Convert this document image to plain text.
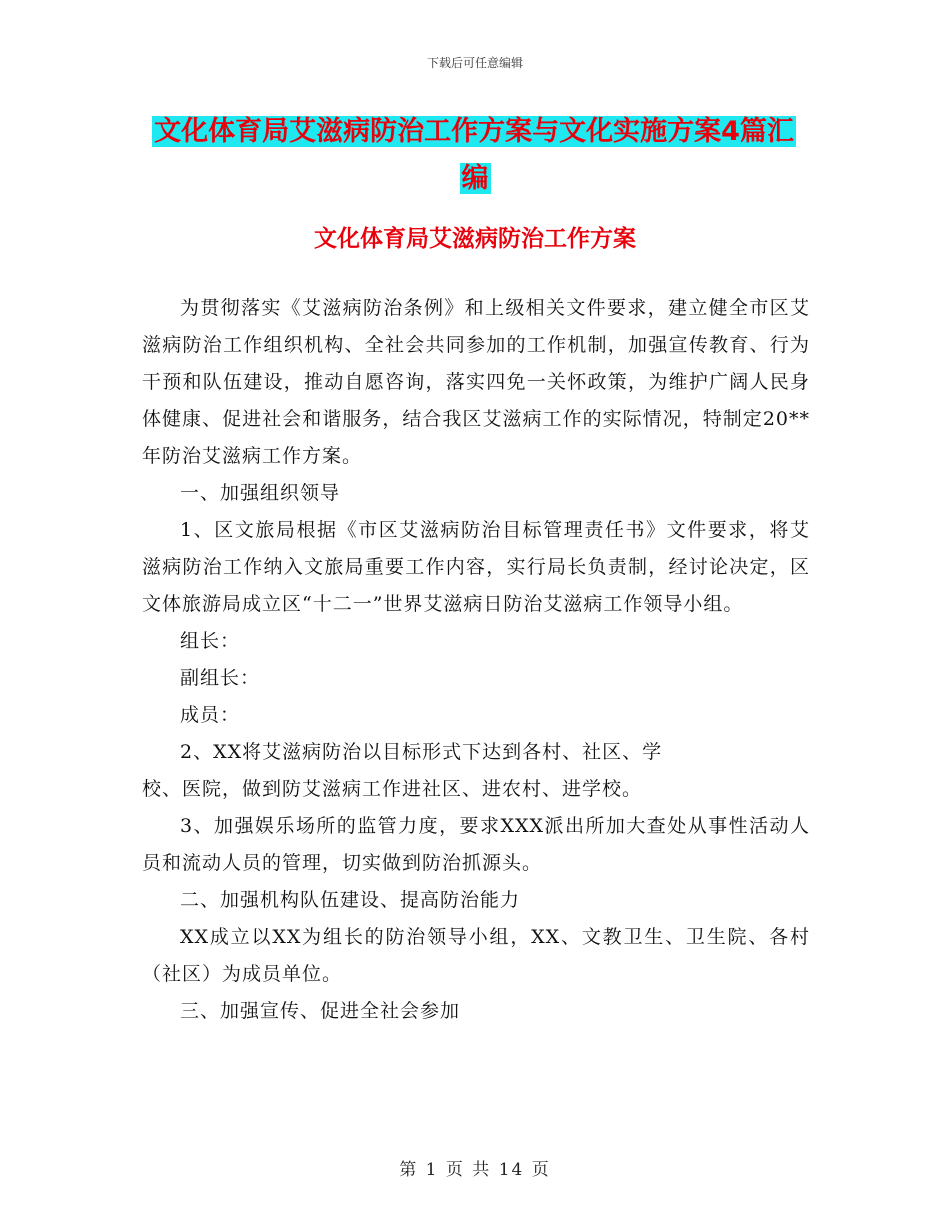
下载后可任意编辑
文化体育局艾滋病防治工作方案与文化实施方案4篇汇编
文化体育局艾滋病防治工作方案

为贯彻落实《艾滋病防治条例》和上级相关文件要求，建立健全市区艾滋病防治工作组织机构、全社会共同参加的工作机制，加强宣传教育、行为干预和队伍建设，推动自愿咨询，落实四免一关怀政策，为维护广阔人民身体健康、促进社会和谐服务，结合我区艾滋病工作的实际情况，特制定20**年防治艾滋病工作方案。

一、加强组织领导

1、区文旅局根据《市区艾滋病防治目标管理责任书》文件要求，将艾滋病防治工作纳入文旅局重要工作内容，实行局长负责制，经讨论决定，区文体旅游局成立区“十二一”世界艾滋病日防治艾滋病工作领导小组。

组长：

副组长：

成员：

2、XX将艾滋病防治以目标形式下达到各村、社区、学

校、医院，做到防艾滋病工作进社区、进农村、进学校。

3、加强娱乐场所的监管力度，要求XXX派出所加大查处从事性活动人员和流动人员的管理，切实做到防治抓源头。

二、加强机构队伍建设、提高防治能力

XX成立以XX为组长的防治领导小组，XX、文教卫生、卫生院、各村（社区）为成员单位。

三、加强宣传、促进全社会参加

第 1 页 共 14 页
